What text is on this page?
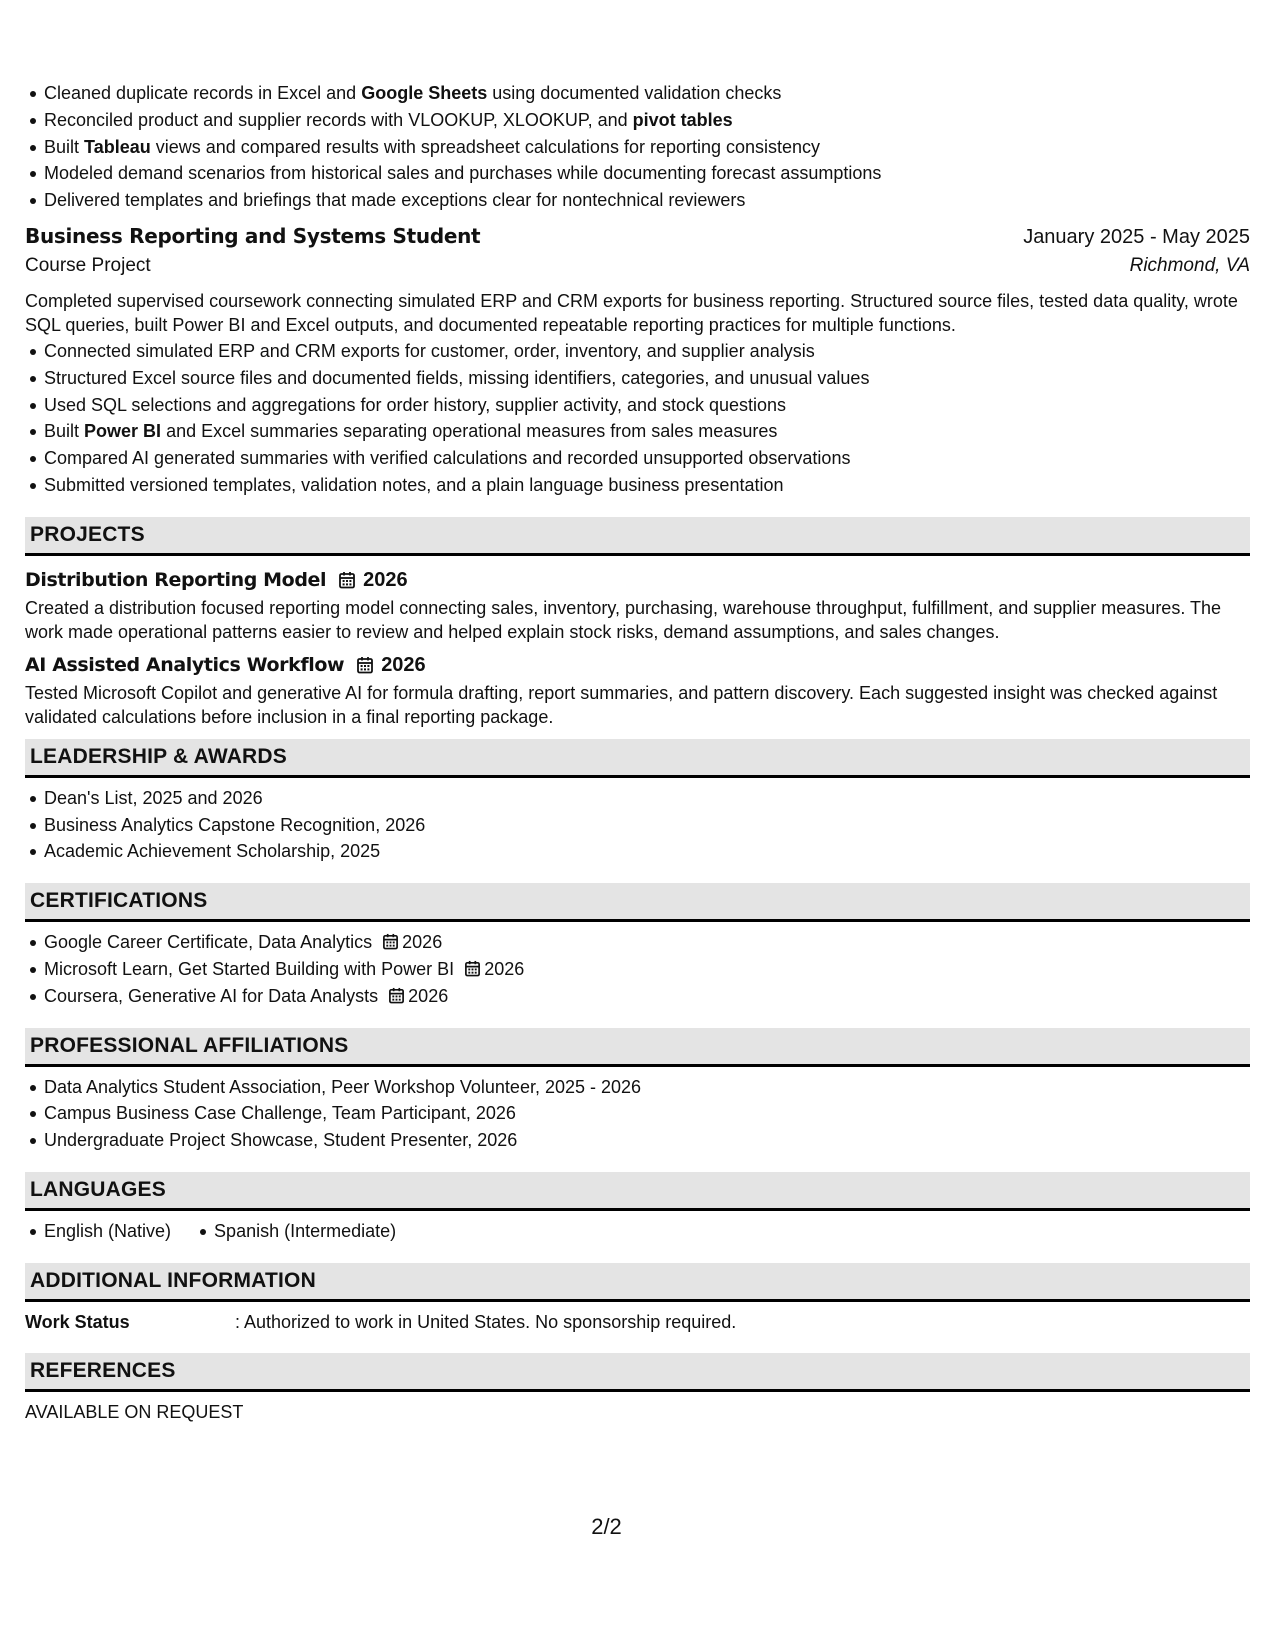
Cleaned duplicate records in Excel and Google Sheets using documented validation checks
Reconciled product and supplier records with VLOOKUP, XLOOKUP, and pivot tables
Built Tableau views and compared results with spreadsheet calculations for reporting consistency
Modeled demand scenarios from historical sales and purchases while documenting forecast assumptions
Delivered templates and briefings that made exceptions clear for nontechnical reviewers
Business Reporting and Systems Student	January 2025 - May 2025
Course Project	Richmond, VA

Completed supervised coursework connecting simulated ERP and CRM exports for business reporting. Structured source files, tested data quality, wrote SQL queries, built Power BI and Excel outputs, and documented repeatable reporting practices for multiple functions.

Connected simulated ERP and CRM exports for customer, order, inventory, and supplier analysis
Structured Excel source files and documented fields, missing identifiers, categories, and unusual values
Used SQL selections and aggregations for order history, supplier activity, and stock questions
Built Power BI and Excel summaries separating operational measures from sales measures
Compared AI generated summaries with verified calculations and recorded unsupported observations
Submitted versioned templates, validation notes, and a plain language business presentation
PROJECTS
Distribution Reporting Model 2026

Created a distribution focused reporting model connecting sales, inventory, purchasing, warehouse throughput, fulfillment, and supplier measures. The work made operational patterns easier to review and helped explain stock risks, demand assumptions, and sales changes.

AI Assisted Analytics Workflow 2026

Tested Microsoft Copilot and generative AI for formula drafting, report summaries, and pattern discovery. Each suggested insight was checked against validated calculations before inclusion in a final reporting package.

LEADERSHIP & AWARDS
Dean's List, 2025 and 2026
Business Analytics Capstone Recognition, 2026
Academic Achievement Scholarship, 2025
CERTIFICATIONS
Google Career Certificate, Data Analytics 2026
Microsoft Learn, Get Started Building with Power BI 2026
Coursera, Generative AI for Data Analysts 2026
PROFESSIONAL AFFILIATIONS
Data Analytics Student Association, Peer Workshop Volunteer, 2025 - 2026
Campus Business Case Challenge, Team Participant, 2026
Undergraduate Project Showcase, Student Presenter, 2026
LANGUAGES
English (Native)	Spanish (Intermediate)
ADDITIONAL INFORMATION
Work Status	: Authorized to work in United States. No sponsorship required.
REFERENCES

AVAILABLE ON REQUEST

2/2
